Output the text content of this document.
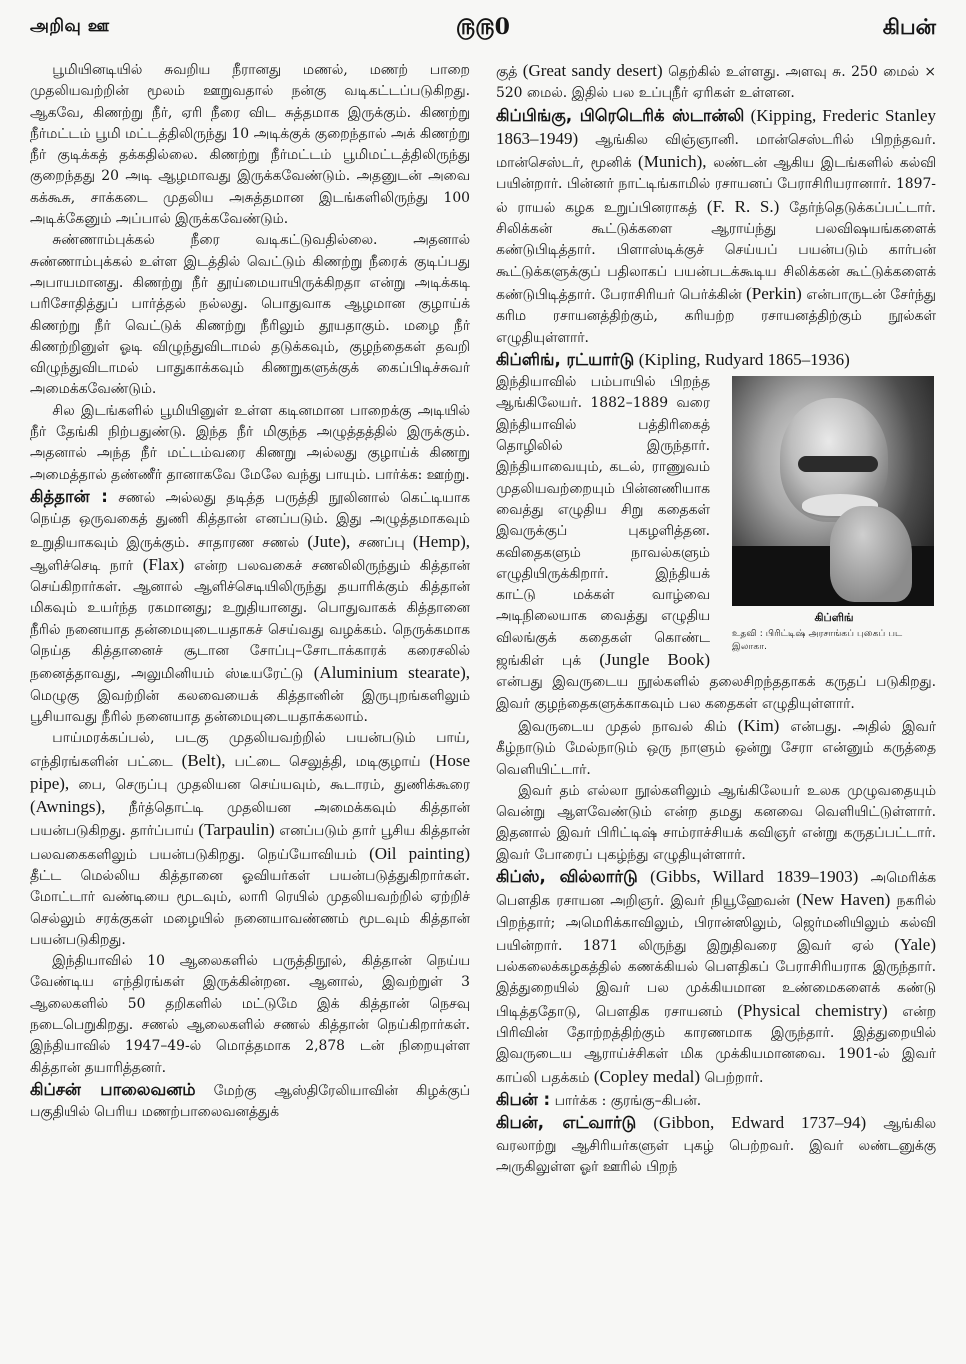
அறிவு ஊ	௫௫0	கிபன்

பூமியினடியில் சுவறிய நீரானது மணல், மணற் பாறை முதலியவற்றின் மூலம் ஊறுவதால் நன்கு வடிகட்டப்படுகிறது. ஆகவே, கிணற்று நீர், ஏரி நீரை விட சுத்தமாக இருக்கும். கிணற்று நீர்மட்டம் பூமி மட்டத்திலிருந்து 10 அடிக்குக் குறைந்தால் அக் கிணற்று நீர் குடிக்கத் தக்கதில்லை. கிணற்று நீர்மட்டம் பூமிமட்டத்திலிருந்து குறைந்தது 20 அடி ஆழமாவது இருக்கவேண்டும். அதனுடன் அவை கக்கூசு, சாக்கடை முதலிய அசுத்தமான இடங்களிலிருந்து 100 அடிக்கேனும் அப்பால் இருக்கவேண்டும்.

சுண்ணாம்புக்கல் நீரை வடிகட்டுவதில்லை. அதனால் சுண்ணாம்புக்கல் உள்ள இடத்தில் வெட்டும் கிணற்று நீரைக் குடிப்பது அபாயமானது. கிணற்று நீர் தூய்மையாயிருக்கிறதா என்று அடிக்கடி பரிசோதித்துப் பார்த்தல் நல்லது. பொதுவாக ஆழமான குழாய்க் கிணற்று நீர் வெட்டுக் கிணற்று நீரிலும் தூயதாகும். மழை நீர் கிணற்றினுள் ஓடி விழுந்துவிடாமல் தடுக்கவும், குழந்தைகள் தவறி விழுந்துவிடாமல் பாதுகாக்கவும் கிணறுகளுக்குக் கைப்பிடிச்சுவர் அமைக்கவேண்டும்.

சில இடங்களில் பூமியினுள் உள்ள கடினமான பாறைக்கு அடியில் நீர் தேங்கி நிற்பதுண்டு. இந்த நீர் மிகுந்த அழுத்தத்தில் இருக்கும். அதனால் அந்த நீர் மட்டம்வரை கிணறு அல்லது குழாய்க் கிணறு அமைத்தால் தண்ணீர் தானாகவே மேலே வந்து பாயும். பார்க்க: ஊற்று.

கித்தான் : சணல் அல்லது தடித்த பருத்தி நூலினால் கெட்டியாக நெய்த ஒருவகைத் துணி கித்தான் எனப்படும். இது அழுத்தமாகவும் உறுதியாகவும் இருக்கும். சாதாரண சணல் (Jute), சணப்பு (Hemp), ஆளிச்செடி நார் (Flax) என்ற பலவகைச் சணலிலிருந்தும் கித்தான் செய்கிறார்கள். ஆனால் ஆளிச்செடியிலிருந்து தயாரிக்கும் கித்தான் மிகவும் உயர்ந்த ரகமானது; உறுதியானது. பொதுவாகக் கித்தானை நீரில் நனையாத தன்மையுடையதாகச் செய்வது வழக்கம். நெருக்கமாக நெய்த கித்தானைச் சூடான சோப்பு–சோடாக்காரக் கரைசலில் நனைத்தாவது, அலுமினியம் ஸ்டீயரேட்டு (Aluminium stearate), மெழுகு இவற்றின் கலவையைக் கித்தானின் இருபுறங்களிலும் பூசியாவது நீரில் நனையாத தன்மையுடையதாக்கலாம்.

பாய்மரக்கப்பல், படகு முதலியவற்றில் பயன்படும் பாய், எந்திரங்களின் பட்டை (Belt), பட்டை செலுத்தி, மடிகுழாய் (Hose pipe), பை, செருப்பு முதலியன செய்யவும், கூடாரம், துணிக்கூரை (Awnings), நீர்த்தொட்டி முதலியன அமைக்கவும் கித்தான் பயன்படுகிறது. தார்ப்பாய் (Tarpaulin) எனப்படும் தார் பூசிய கித்தான் பலவகைகளிலும் பயன்படுகிறது. நெய்யோவியம் (Oil painting) தீட்ட மெல்லிய கித்தானை ஓவியர்கள் பயன்படுத்துகிறார்கள். மோட்டார் வண்டியை மூடவும், லாரி ரெயில் முதலியவற்றில் ஏற்றிச் செல்லும் சரக்குகள் மழையில் நனையாவண்ணம் மூடவும் கித்தான் பயன்படுகிறது.

இந்தியாவில் 10 ஆலைகளில் பருத்திநூல், கித்தான் நெய்ய வேண்டிய எந்திரங்கள் இருக்கின்றன. ஆனால், இவற்றுள் 3 ஆலைகளில் 50 தறிகளில் மட்டுமே இக் கித்தான் நெசவு நடைபெறுகிறது. சணல் ஆலைகளில் சணல் கித்தான் நெய்கிறார்கள். இந்தியாவில் 1947–49-ல் மொத்தமாக 2,878 டன் நிறையுள்ள கித்தான் தயாரித்தனர்.

கிப்சன் பாலைவனம் மேற்கு ஆஸ்திரேலியாவின் கிழக்குப் பகுதியில் பெரிய மணற்பாலைவனத்துக்

குத் (Great sandy desert) தெற்கில் உள்ளது. அளவு சு. 250 மைல் × 520 மைல். இதில் பல உப்புநீர் ஏரிகள் உள்ளன.

கிப்பிங்கு, பிரெடெரிக் ஸ்டான்லி (Kipping, Frederic Stanley 1863–1949) ஆங்கில விஞ்ஞானி. மான்செஸ்டரில் பிறந்தவர். மான்செஸ்டர், மூனிக் (Munich), லண்டன் ஆகிய இடங்களில் கல்வி பயின்றார். பின்னர் நாட்டிங்காமில் ரசாயனப் பேராசிரியரானார். 1897-ல் ராயல் கழக உறுப்பினராகத் (F. R. S.) தேர்ந்தெடுக்கப்பட்டார். சிலிக்கன் கூட்டுக்களை ஆராய்ந்து பலவிஷயங்களைக் கண்டுபிடித்தார். பிளாஸ்டிக்குச் செய்யப் பயன்படும் கார்பன் கூட்டுக்களுக்குப் பதிலாகப் பயன்படக்கூடிய சிலிக்கன் கூட்டுக்களைக் கண்டுபிடித்தார். பேராசிரியர் பெர்க்கின் (Perkin) என்பாருடன் சேர்ந்து கரிம ரசாயனத்திற்கும், கரியற்ற ரசாயனத்திற்கும் நூல்கள் எழுதியுள்ளார்.

கிப்ளிங், ரட்யார்டு (Kipling, Rudyard 1865–1936)

கிப்ளிங்
உதவி : பிரிட்டிஷ் அரசாங்கப் புகைப் பட இலாகா.

இந்தியாவில் பம்பாயில் பிறந்த ஆங்கிலேயர். 1882–1889 வரை இந்தியாவில் பத்திரிகைத் தொழிலில் இருந்தார். இந்தியாவையும், கடல், ராணுவம் முதலியவற்றையும் பின்னணியாக வைத்து எழுதிய சிறு கதைகள் இவருக்குப் புகழளித்தன. கவிதைகளும் நாவல்களும் எழுதியிருக்கிறார். இந்தியக் காட்டு மக்கள் வாழ்வை அடிநிலையாக வைத்து எழுதிய விலங்குக் கதைகள் கொண்ட ஜங்கிள் புக் (Jungle Book) என்பது இவருடைய நூல்களில் தலைசிறந்ததாகக் கருதப் படுகிறது. இவர் குழந்தைகளுக்காகவும் பல கதைகள் எழுதியுள்ளார்.

இவருடைய முதல் நாவல் கிம் (Kim) என்பது. அதில் இவர் கீழ்நாடும் மேல்நாடும் ஒரு நாளும் ஒன்று சேரா என்னும் கருத்தை வெளியிட்டார்.

இவர் தம் எல்லா நூல்களிலும் ஆங்கிலேயர் உலக முழுவதையும் வென்று ஆளவேண்டும் என்ற தமது கனவை வெளியிட்டுள்ளார். இதனால் இவர் பிரிட்டிஷ் சாம்ராச்சியக் கவிஞர் என்று கருதப்பட்டார். இவர் போரைப் புகழ்ந்து எழுதியுள்ளார்.

கிப்ஸ், வில்லார்டு (Gibbs, Willard 1839–1903) அமெரிக்க பௌதிக ரசாயன அறிஞர். இவர் நியூஹேவன் (New Haven) நகரில் பிறந்தார்; அமெரிக்காவிலும், பிரான்ஸிலும், ஜெர்மனியிலும் கல்வி பயின்றார். 1871 லிருந்து இறுதிவரை இவர் ஏல் (Yale) பல்கலைக்கழகத்தில் கணக்கியல் பௌதிகப் பேராசிரியராக இருந்தார். இத்துறையில் இவர் பல முக்கியமான உண்மைகளைக் கண்டு பிடித்ததோடு, பௌதிக ரசாயனம் (Physical chemistry) என்ற பிரிவின் தோற்றத்திற்கும் காரணமாக இருந்தார். இத்துறையில் இவருடைய ஆராய்ச்சிகள் மிக முக்கியமானவை. 1901-ல் இவர் காப்லி பதக்கம் (Copley medal) பெற்றார்.

கிபன் : பார்க்க : குரங்கு–கிபன்.

கிபன், எட்வார்டு (Gibbon, Edward 1737–94) ஆங்கில வரலாற்று ஆசிரியர்களுள் புகழ் பெற்றவர். இவர் லண்டனுக்கு அருகிலுள்ள ஓர் ஊரில் பிறந்
